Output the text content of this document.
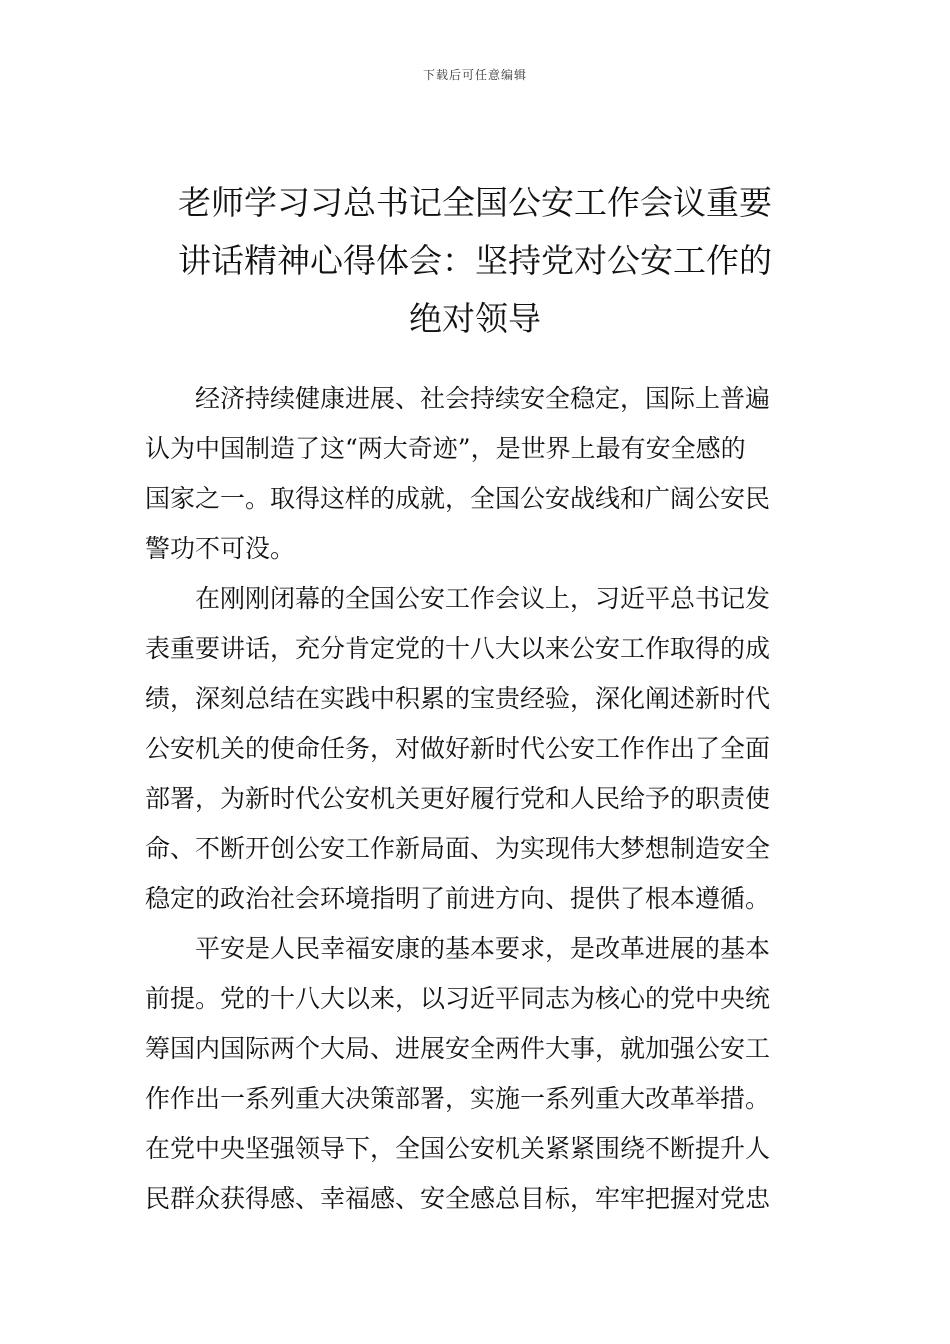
下载后可任意编辑
老师学习习总书记全国公安工作会议重要
讲话精神心得体会：坚持党对公安工作的
绝对领导
经济持续健康进展、社会持续安全稳定，国际上普遍
认为中国制造了这“两大奇迹”，是世界上最有安全感的
国家之一。取得这样的成就，全国公安战线和广阔公安民
警功不可没。
在刚刚闭幕的全国公安工作会议上，习近平总书记发
表重要讲话，充分肯定党的十八大以来公安工作取得的成
绩，深刻总结在实践中积累的宝贵经验，深化阐述新时代
公安机关的使命任务，对做好新时代公安工作作出了全面
部署，为新时代公安机关更好履行党和人民给予的职责使
命、不断开创公安工作新局面、为实现伟大梦想制造安全
稳定的政治社会环境指明了前进方向、提供了根本遵循。
平安是人民幸福安康的基本要求，是改革进展的基本
前提。党的十八大以来，以习近平同志为核心的党中央统
筹国内国际两个大局、进展安全两件大事，就加强公安工
作作出一系列重大决策部署，实施一系列重大改革举措。
在党中央坚强领导下，全国公安机关紧紧围绕不断提升人
民群众获得感、幸福感、安全感总目标，牢牢把握对党忠
